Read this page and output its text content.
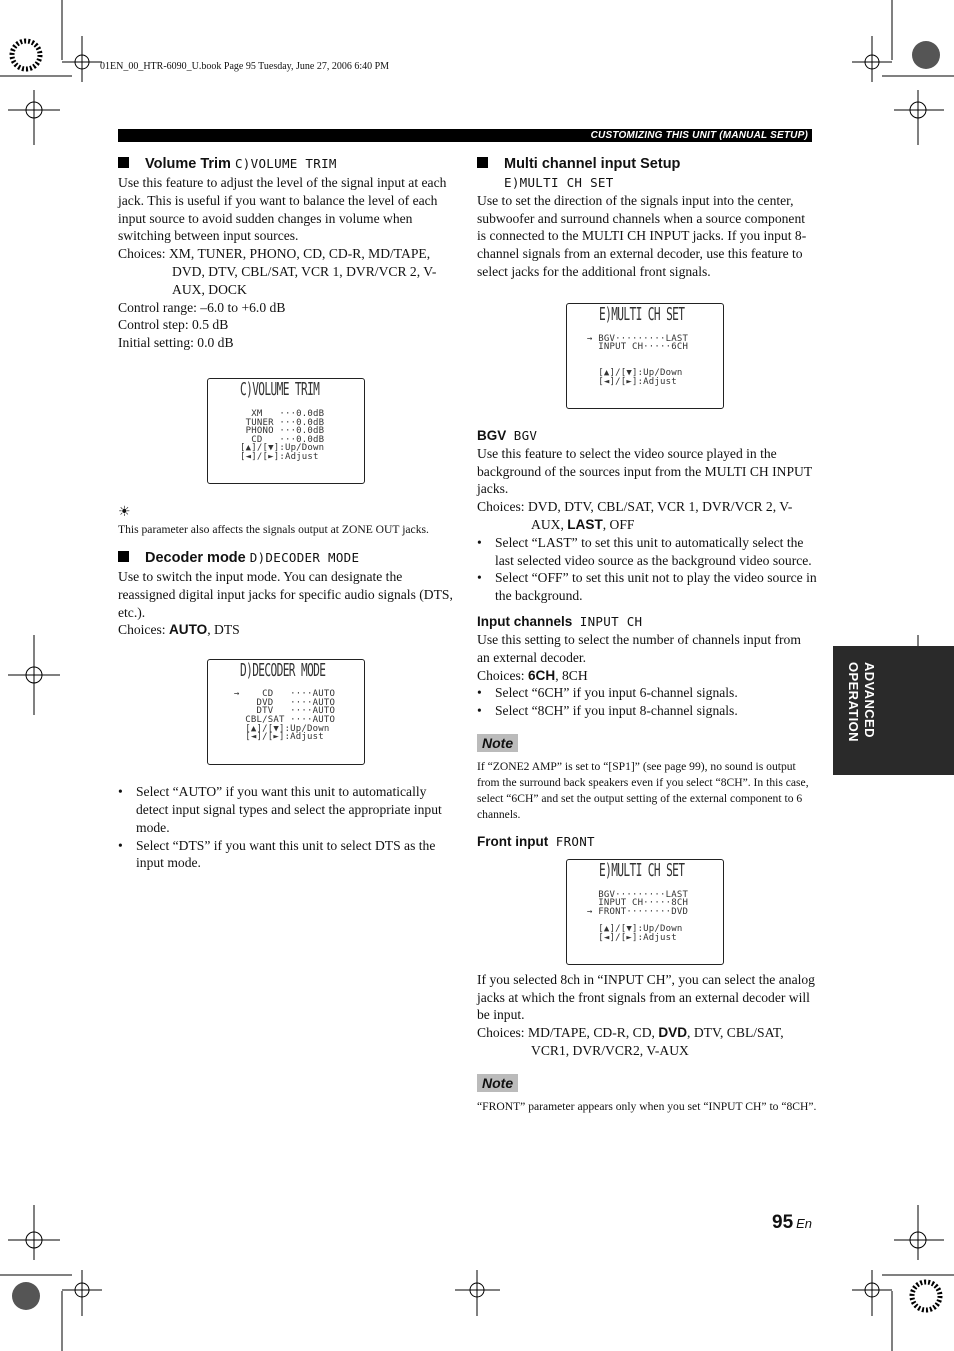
01EN_00_HTR-6090_U.book Page 95 Tuesday, June 27, 2006 6:40 PM
CUSTOMIZING THIS UNIT (MANUAL SETUP)
ADVANCED OPERATION

Volume Trim C)VOLUME TRIM

Use this feature to adjust the level of the signal input at each jack. This is useful if you want to balance the level of each input source to avoid sudden changes in volume when switching between input sources.

Choices: XM, TUNER, PHONO, CD, CD-R, MD/TAPE, DVD, DTV, CBL/SAT, VCR 1, DVR/VCR 2, V-AUX, DOCK

Control range: –6.0 to +6.0 dB

Control step: 0.5 dB

Initial setting: 0.0 dB

C)VOLUME TRIM
XM   ···0.0dB
TUNER ···0.0dB
PHONO ···0.0dB
CD   ···0.0dB
[▲]/[▼]:Up/Down
[◄]/[►]:Adjust
☀

This parameter also affects the signals output at ZONE OUT jacks.

Decoder mode D)DECODER MODE

Use to switch the input mode. You can designate the reassigned digital input jacks for specific audio signals (DTS, etc.).

Choices: AUTO, DTS

D)DECODER MODE
→    CD   ····AUTO
DVD   ····AUTO
DTV   ····AUTO
CBL/SAT ····AUTO
[▲]/[▼]:Up/Down
[◄]/[►]:Adjust

• Select “AUTO” if you want this unit to automatically detect input signal types and select the appropriate input mode.

• Select “DTS” if you want this unit to select DTS as the input mode.

Multi channel input Setup

E)MULTI CH SET

Use to set the direction of the signals input into the center, subwoofer and surround channels when a source component is connected to the MULTI CH INPUT jacks. If you input 8-channel signals from an external decoder, use this feature to select jacks for the additional front signals.

E)MULTI CH SET
→ BGV·········LAST
INPUT CH·····6CH

[▲]/[▼]:Up/Down
[◄]/[►]:Adjust

BGV BGV

Use this feature to select the video source played in the background of the sources input from the MULTI CH INPUT jacks.

Choices: DVD, DTV, CBL/SAT, VCR 1, DVR/VCR 2, V-AUX, LAST, OFF

• Select “LAST” to set this unit to automatically select the last selected video source as the background video source.

• Select “OFF” to set this unit not to play the video source in the background.

Input channels INPUT CH

Use this setting to select the number of channels input from an external decoder.

Choices: 6CH, 8CH

• Select “6CH” if you input 6-channel signals.

• Select “8CH” if you input 8-channel signals.

Note

If “ZONE2 AMP” is set to “[SP1]” (see page 99), no sound is output from the surround back speakers even if you select “8CH”. In this case, select “6CH” and set the output setting of the external component to 6 channels.

Front input FRONT

E)MULTI CH SET
BGV·········LAST
INPUT CH·····8CH
→ FRONT········DVD

[▲]/[▼]:Up/Down
[◄]/[►]:Adjust

If you selected 8ch in “INPUT CH”, you can select the analog jacks at which the front signals from an external decoder will be input.

Choices: MD/TAPE, CD-R, CD, DVD, DTV, CBL/SAT, VCR1, DVR/VCR2, V-AUX

Note

“FRONT” parameter appears only when you set “INPUT CH” to “8CH”.

95 En
